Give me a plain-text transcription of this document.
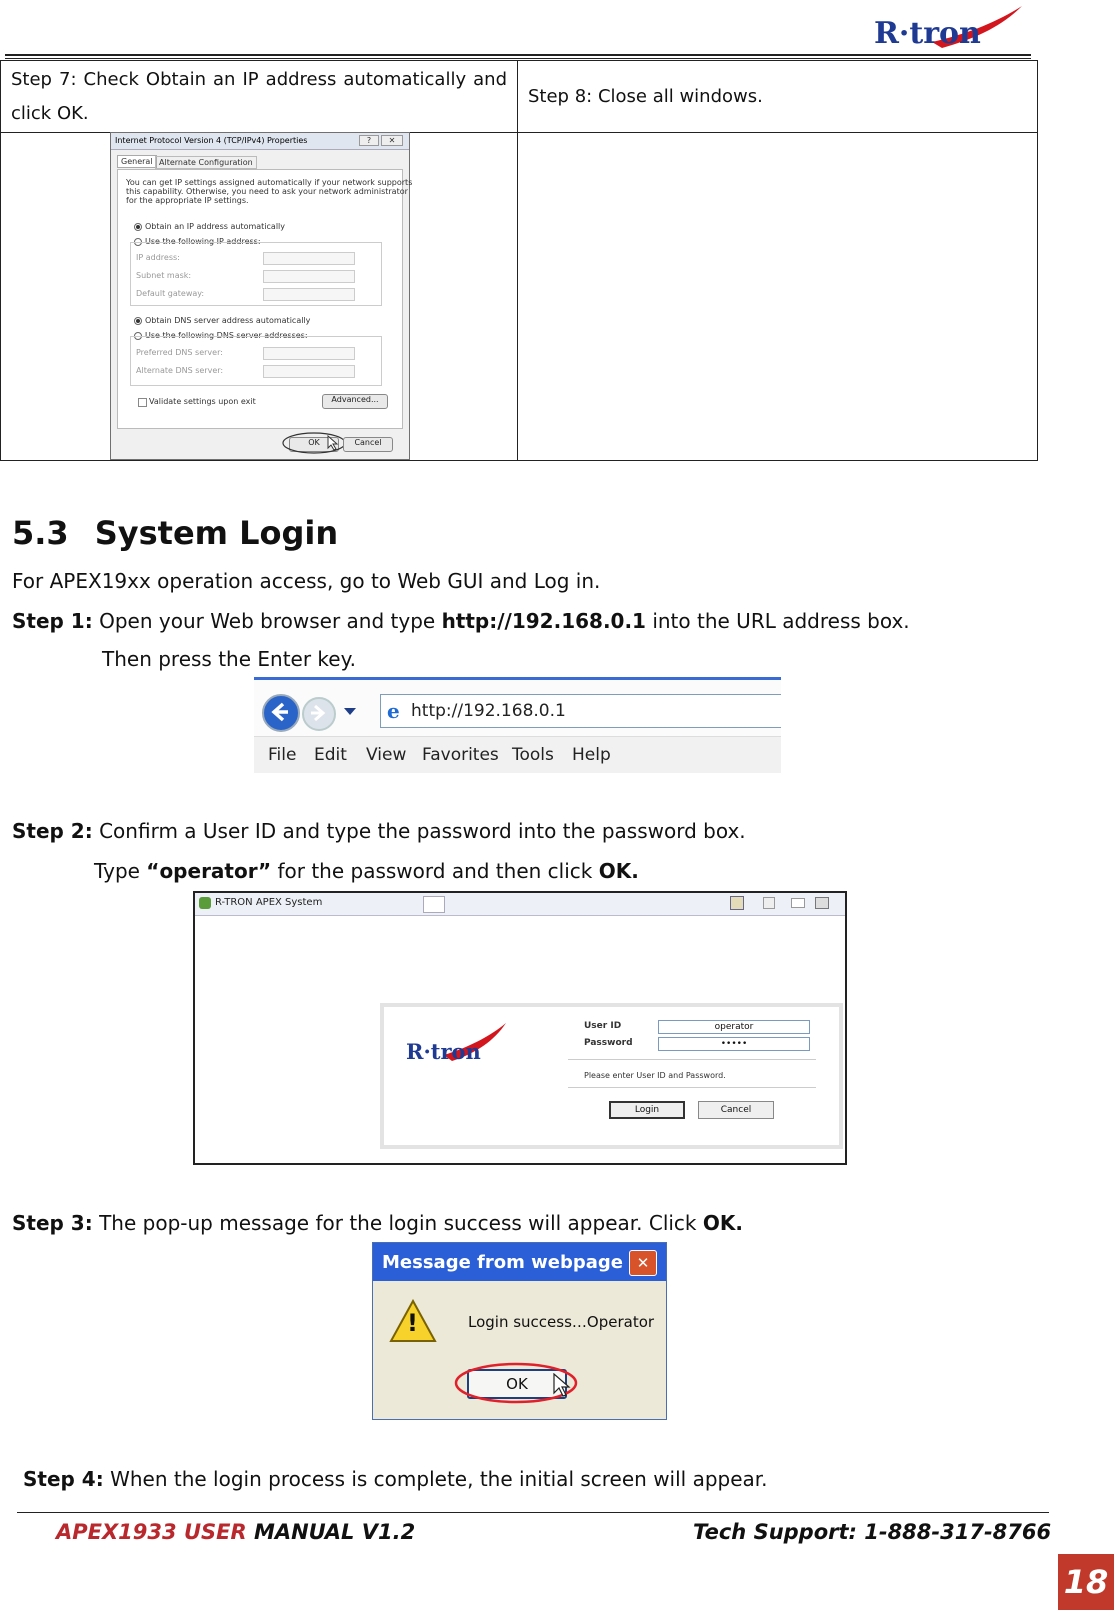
R·tron
Step 7: Check Obtain an IP address automatically and click OK.	Step 8: Close all windows.

Internet Protocol Version 4 (TCP/IPv4) Properties	?	✕
General Alternate Configuration
You can get IP settings assigned automatically if your network supports
this capability. Otherwise, you need to ask your network administrator
for the appropriate IP settings.
Obtain an IP address automatically
Use the following IP address:
IP address:
Subnet mask:
Default gateway:
Obtain DNS server address automatically
Use the following DNS server addresses:
Preferred DNS server:
Alternate DNS server:
Validate settings upon exit	Advanced...
OK	Cancel
5.3 System Login
For APEX19xx operation access, go to Web GUI and Log in.
Step 1: Open your Web browser and type http://192.168.0.1 into the URL address box.
Then press the Enter key.
e http://192.168.0.1
File Edit View Favorites Tools Help
Step 2: Confirm a User ID and type the password into the password box.
Type “operator” for the password and then click OK.
R-TRON APEX System
R·tron
User ID	operator
Password	•••••
Please enter User ID and Password.
Login	Cancel
Step 3: The pop-up message for the login success will appear. Click OK.
Message from webpage ✕
!	Login success…Operator
OK
Step 4: When the login process is complete, the initial screen will appear.
APEX1933 USER MANUAL V1.2	Tech Support: 1-888-317-8766
18
